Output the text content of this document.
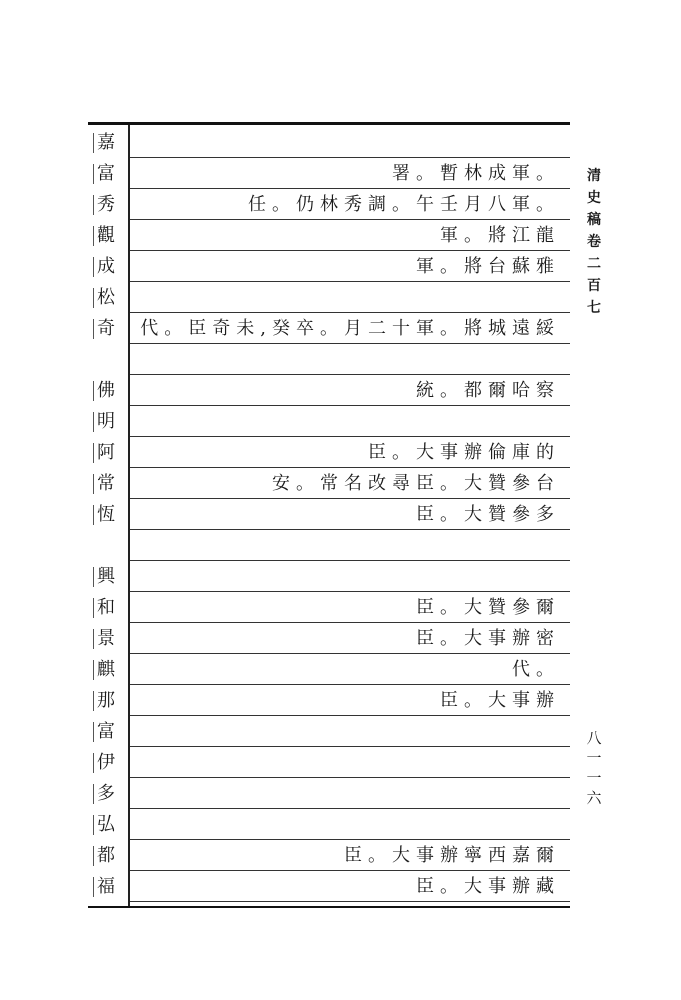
嘉
富	署。暫林成軍。
秀	任。仍林秀調。午壬月八軍。
觀	軍。將江龍
成	軍。將台蘇雅
松
奇	代。臣奇未,癸卒。月二十軍。將城遠綏
佛	統。都爾哈察
明
阿	臣。大事辦倫庫的
常	安。常名改尋臣。大贊參台
恆	臣。大贊參多
興
和	臣。大贊參爾
景	臣。大事辦密
麒	代。
那	臣。大事辦
富
伊
多
弘
都	臣。大事辦寧西嘉爾
福	臣。大事辦藏
清
史
稿
卷
二
百
七
八
一
一
六
